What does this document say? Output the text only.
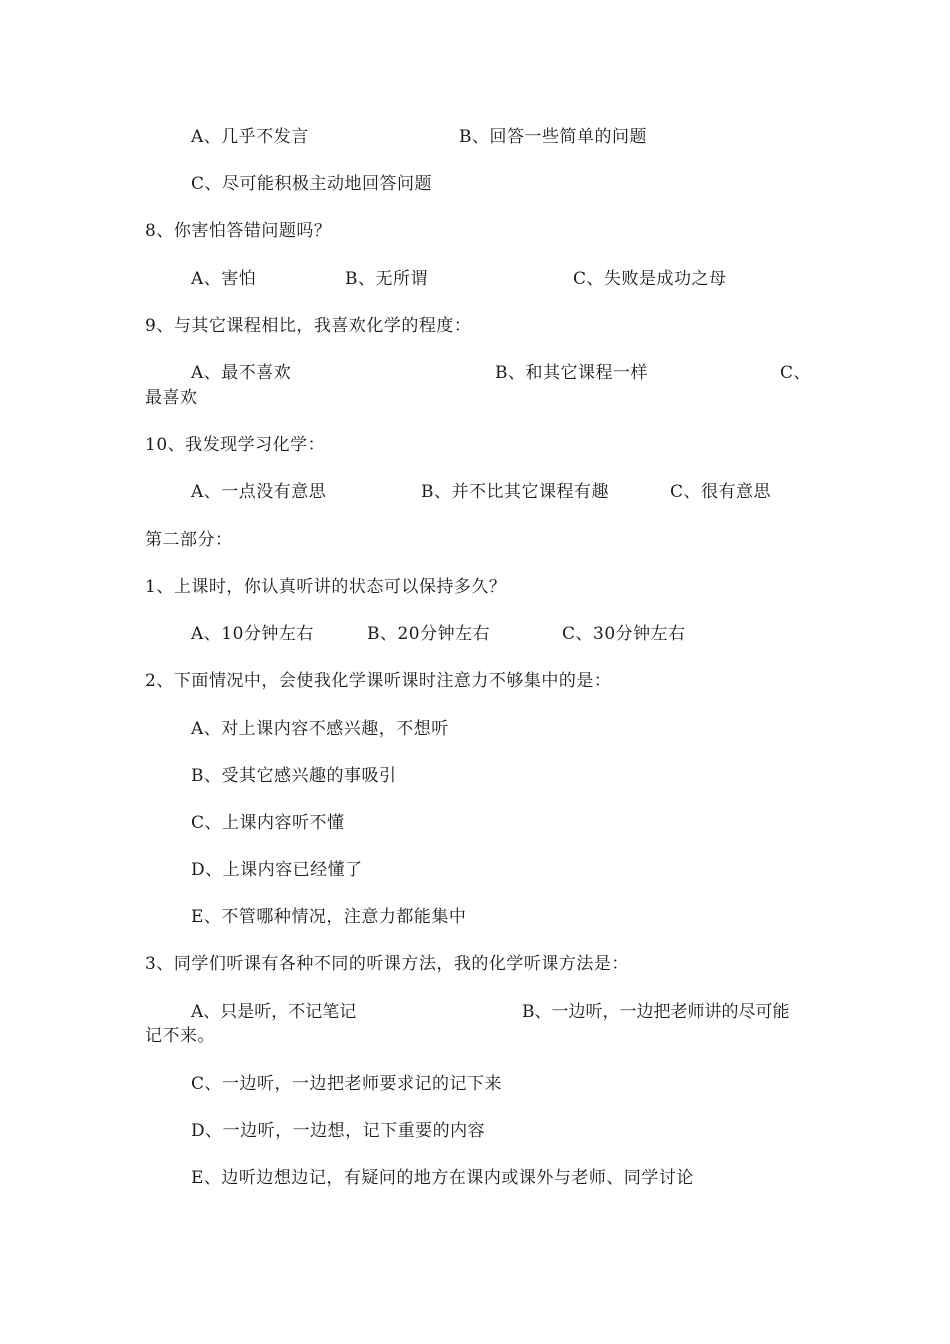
A、几乎不发言	B、回答一些简单的问题
C、尽可能积极主动地回答问题
8、你害怕答错问题吗？
A、害怕	B、无所谓	C、失败是成功之母
9、与其它课程相比，我喜欢化学的程度：
A、最不喜欢	B、和其它课程一样	C、
最喜欢
10、我发现学习化学：
A、一点没有意思	B、并不比其它课程有趣	C、很有意思
第二部分：
1、上课时，你认真听讲的状态可以保持多久？
A、10分钟左右	B、20分钟左右	C、30分钟左右
2、下面情况中，会使我化学课听课时注意力不够集中的是：
A、对上课内容不感兴趣，不想听
B、受其它感兴趣的事吸引
C、上课内容听不懂
D、上课内容已经懂了
E、不管哪种情况，注意力都能集中
3、同学们听课有各种不同的听课方法，我的化学听课方法是：
A、只是听，不记笔记	B、一边听，一边把老师讲的尽可能
记不来。
C、一边听，一边把老师要求记的记下来
D、一边听，一边想，记下重要的内容
E、边听边想边记，有疑问的地方在课内或课外与老师、同学讨论
